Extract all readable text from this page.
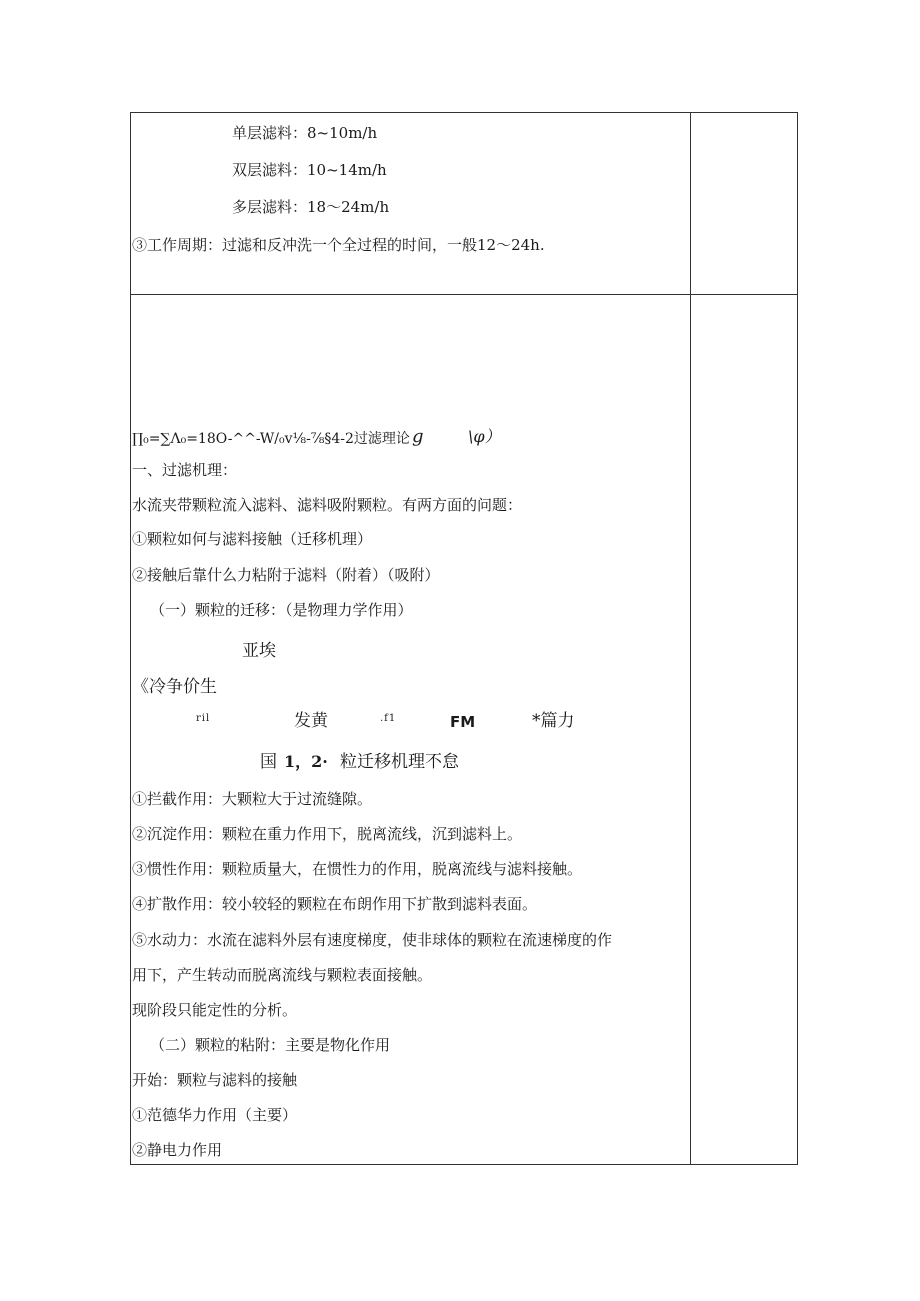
单层滤料：8~10m/h
双层滤料：10~14m/h
多层滤料：18～24m/h
③工作周期：过滤和反冲洗一个全过程的时间，一般12～24h.
∏₀=∑Λ₀=18O-^^-W/₀v⅛-⅞§4-2过滤理论 g	\φ）
一、过滤机理：
水流夹带颗粒流入滤料、滤料吸附颗粒。有两方面的问题：
①颗粒如何与滤料接触（迁移机理）
②接触后靠什么力粘附于滤料（附着）（吸附）
（一）颗粒的迁移：（是物理力学作用）
亚埃
《冷争价生
ril	发黄	.f1	FM	*篇力
国 1，2· 粒迁移机理不怠
①拦截作用：大颗粒大于过流缝隙。
②沉淀作用：颗粒在重力作用下，脱离流线，沉到滤料上。
③惯性作用：颗粒质量大，在惯性力的作用，脱离流线与滤料接触。
④扩散作用：较小较轻的颗粒在布朗作用下扩散到滤料表面。
⑤水动力：水流在滤料外层有速度梯度，使非球体的颗粒在流速梯度的作
用下，产生转动而脱离流线与颗粒表面接触。
现阶段只能定性的分析。
（二）颗粒的粘附：主要是物化作用
开始：颗粒与滤料的接触
①范德华力作用（主要）
②静电力作用
